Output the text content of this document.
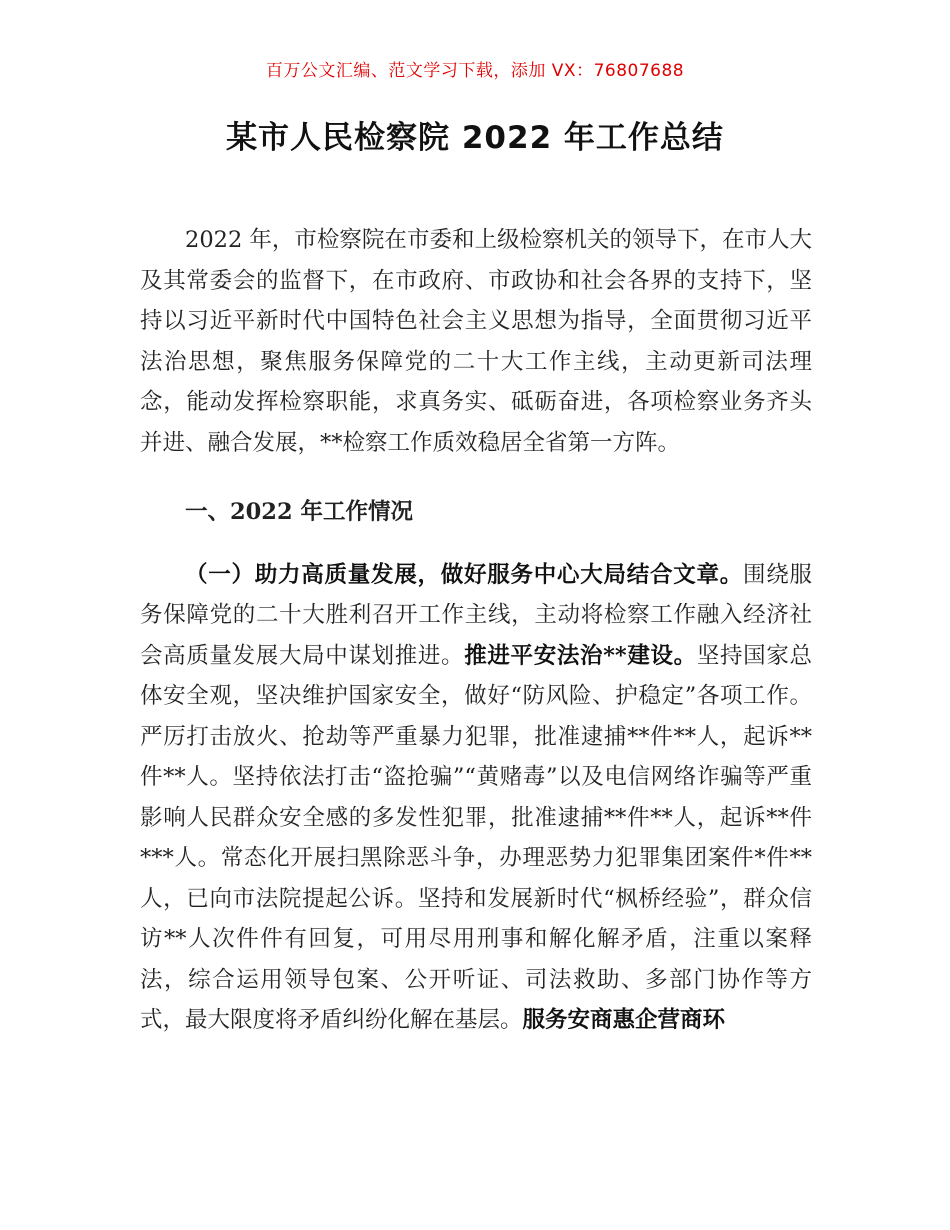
百万公文汇编、范文学习下载，添加 VX：76807688
某市人民检察院 2022 年工作总结

2022 年，市检察院在市委和上级检察机关的领导下，在市人大及其常委会的监督下，在市政府、市政协和社会各界的支持下，坚持以习近平新时代中国特色社会主义思想为指导，全面贯彻习近平法治思想，聚焦服务保障党的二十大工作主线，主动更新司法理念，能动发挥检察职能，求真务实、砥砺奋进，各项检察业务齐头并进、融合发展，**检察工作质效稳居全省第一方阵。

一、2022 年工作情况

（一）助力高质量发展，做好服务中心大局结合文章。围绕服务保障党的二十大胜利召开工作主线，主动将检察工作融入经济社会高质量发展大局中谋划推进。推进平安法治**建设。坚持国家总体安全观，坚决维护国家安全，做好“防风险、护稳定”各项工作。严厉打击放火、抢劫等严重暴力犯罪，批准逮捕**件**人，起诉**件**人。坚持依法打击“盗抢骗”“黄赌毒”以及电信网络诈骗等严重影响人民群众安全感的多发性犯罪，批准逮捕**件**人，起诉**件***人。常态化开展扫黑除恶斗争，办理恶势力犯罪集团案件*件**人，已向市法院提起公诉。坚持和发展新时代“枫桥经验”，群众信访**人次件件有回复，可用尽用刑事和解化解矛盾，注重以案释法，综合运用领导包案、公开听证、司法救助、多部门协作等方式，最大限度将矛盾纠纷化解在基层。服务安商惠企营商环
